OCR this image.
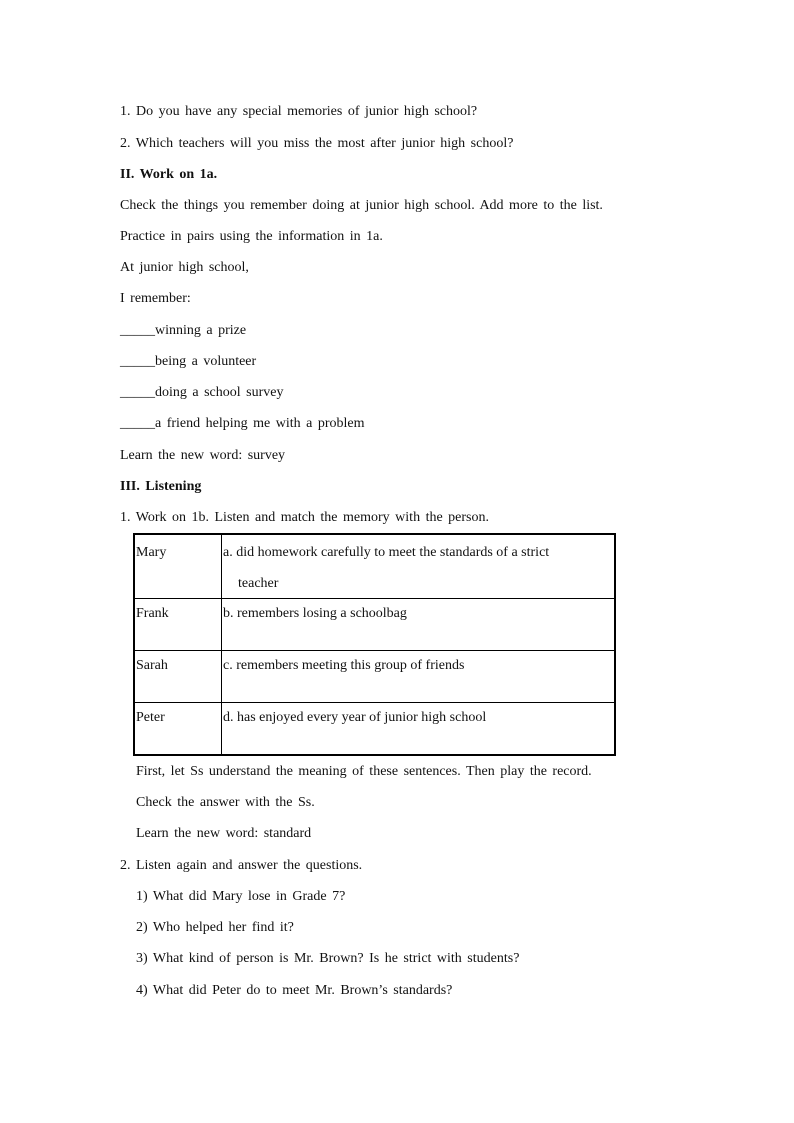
1. Do you have any special memories of junior high school?
2. Which teachers will you miss the most after junior high school?
II. Work on 1a.
Check the things you remember doing at junior high school. Add more to the list.
Practice in pairs using the information in 1a.
At junior high school,
I remember:
_____winning a prize
_____being a volunteer
_____doing a school survey
_____a friend helping me with a problem
Learn the new word: survey
III. Listening
1. Work on 1b. Listen and match the memory with the person.
Mary	a. did homework carefully to meet the standards of a strict
teacher

Frank	b. remembers losing a schoolbag

Sarah	c. remembers meeting this group of friends

Peter	d. has enjoyed every year of junior high school
First, let Ss understand the meaning of these sentences. Then play the record.
Check the answer with the Ss.
Learn the new word: standard
2. Listen again and answer the questions.
1) What did Mary lose in Grade 7?
2) Who helped her find it?
3) What kind of person is Mr. Brown? Is he strict with students?
4) What did Peter do to meet Mr. Brown’s standards?
